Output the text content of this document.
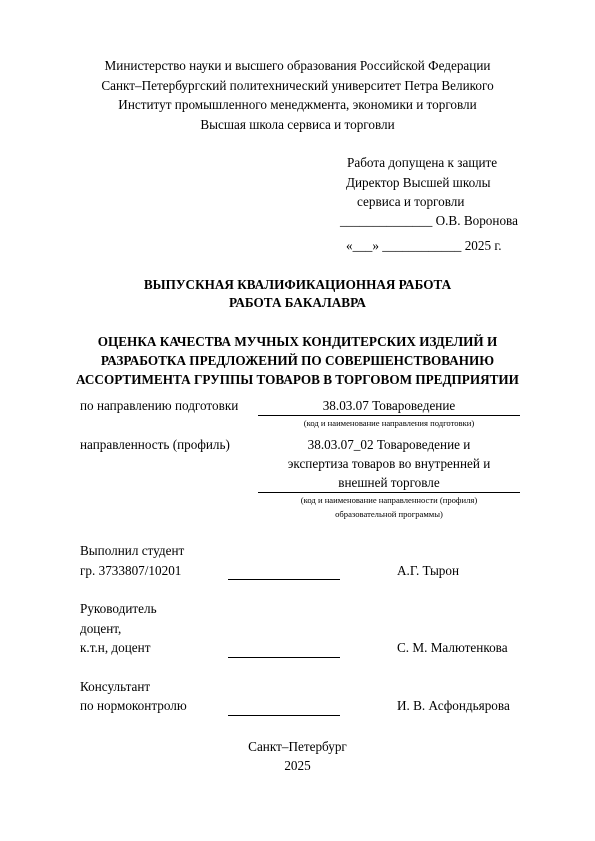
Министерство науки и высшего образования Российской Федерации
Санкт–Петербургский политехнический университет Петра Великого
Институт промышленного менеджмента, экономики и торговли
Высшая школа сервиса и торговли
Работа допущена к защите
Директор Высшей школы
сервиса и торговли
______________ О.В. Воронова
«___» ____________ 2025 г.
ВЫПУСКНАЯ КВАЛИФИКАЦИОННАЯ РАБОТА
РАБОТА БАКАЛАВРА
ОЦЕНКА КАЧЕСТВА МУЧНЫХ КОНДИТЕРСКИХ ИЗДЕЛИЙ И
РАЗРАБОТКА ПРЕДЛОЖЕНИЙ ПО СОВЕРШЕНСТВОВАНИЮ
АССОРТИМЕНТА ГРУППЫ ТОВАРОВ В ТОРГОВОМ ПРЕДПРИЯТИИ
по направлению подготовки	38.03.07 Товароведение
(код и наименование направления подготовки)
направленность (профиль)	38.03.07_02 Товароведение и
экспертиза товаров во внутренней и
внешней торговле
(код и наименование направленности (профиля)
образовательной программы)
Выполнил студент
гр. 3733807/10201	А.Г. Тырон
Руководитель
доцент,
к.т.н, доцент	С. М. Малютенкова
Консультант
по нормоконтролю	И. В. Асфондьярова
Санкт–Петербург
2025
